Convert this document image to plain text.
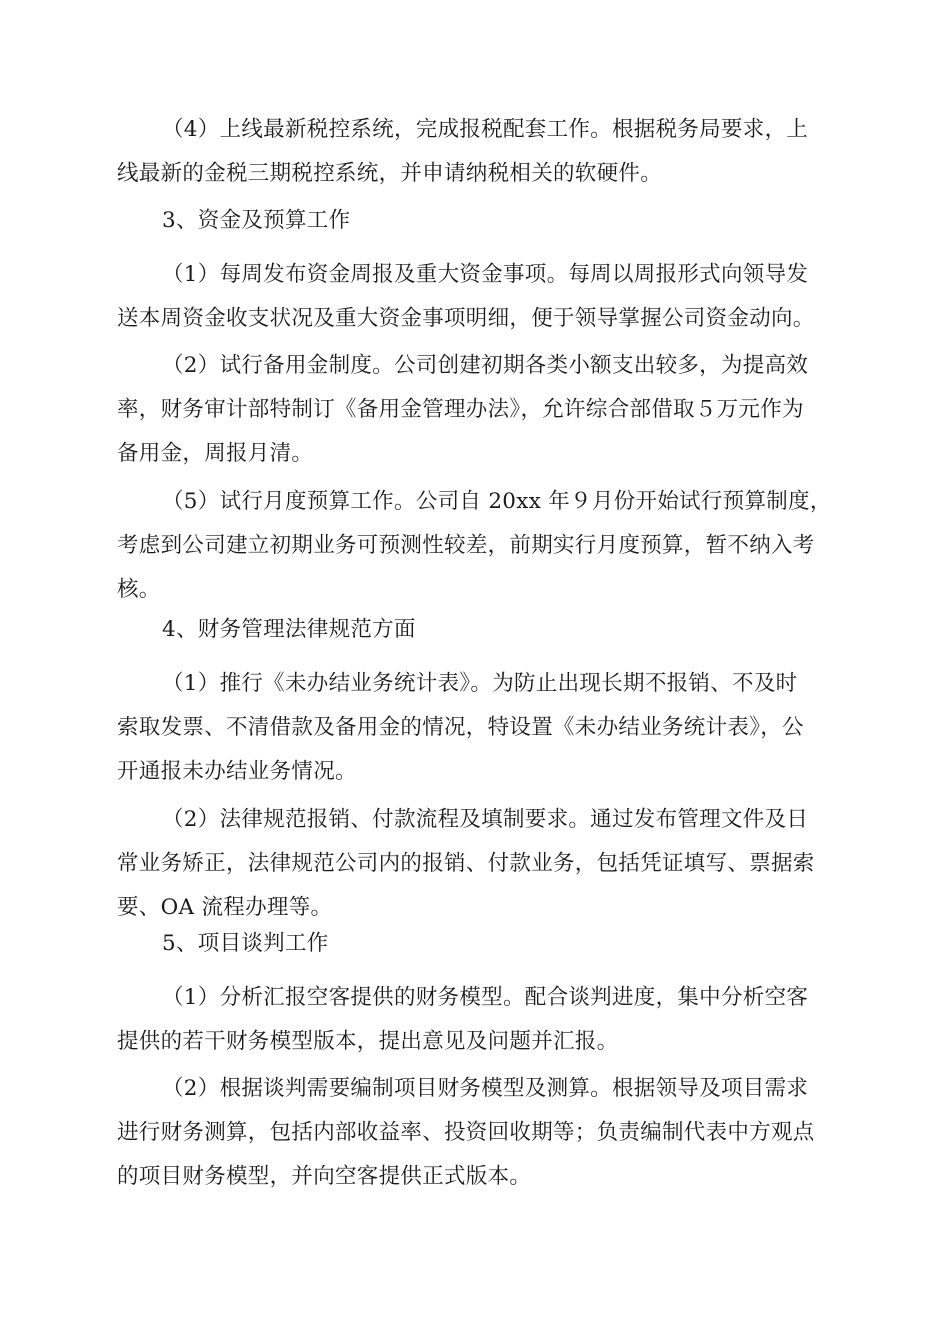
（4）上线最新税控系统，完成报税配套工作。根据税务局要求，上
线最新的金税三期税控系统，并申请纳税相关的软硬件。
3、资金及预算工作
（1）每周发布资金周报及重大资金事项。每周以周报形式向领导发
送本周资金收支状况及重大资金事项明细，便于领导掌握公司资金动向。
（2）试行备用金制度。公司创建初期各类小额支出较多，为提高效
率，财务审计部特制订《备用金管理办法》，允许综合部借取５万元作为
备用金，周报月清。
（5）试行月度预算工作。公司自 20xx 年９月份开始试行预算制度，
考虑到公司建立初期业务可预测性较差，前期实行月度预算，暂不纳入考
核。
4、财务管理法律规范方面
（1）推行《未办结业务统计表》。为防止出现长期不报销、不及时
索取发票、不清借款及备用金的情况，特设置《未办结业务统计表》，公
开通报未办结业务情况。
（2）法律规范报销、付款流程及填制要求。通过发布管理文件及日
常业务矫正，法律规范公司内的报销、付款业务，包括凭证填写、票据索
要、OA 流程办理等。
5、项目谈判工作
（1）分析汇报空客提供的财务模型。配合谈判进度，集中分析空客
提供的若干财务模型版本，提出意见及问题并汇报。
（2）根据谈判需要编制项目财务模型及测算。根据领导及项目需求
进行财务测算，包括内部收益率、投资回收期等；负责编制代表中方观点
的项目财务模型，并向空客提供正式版本。
